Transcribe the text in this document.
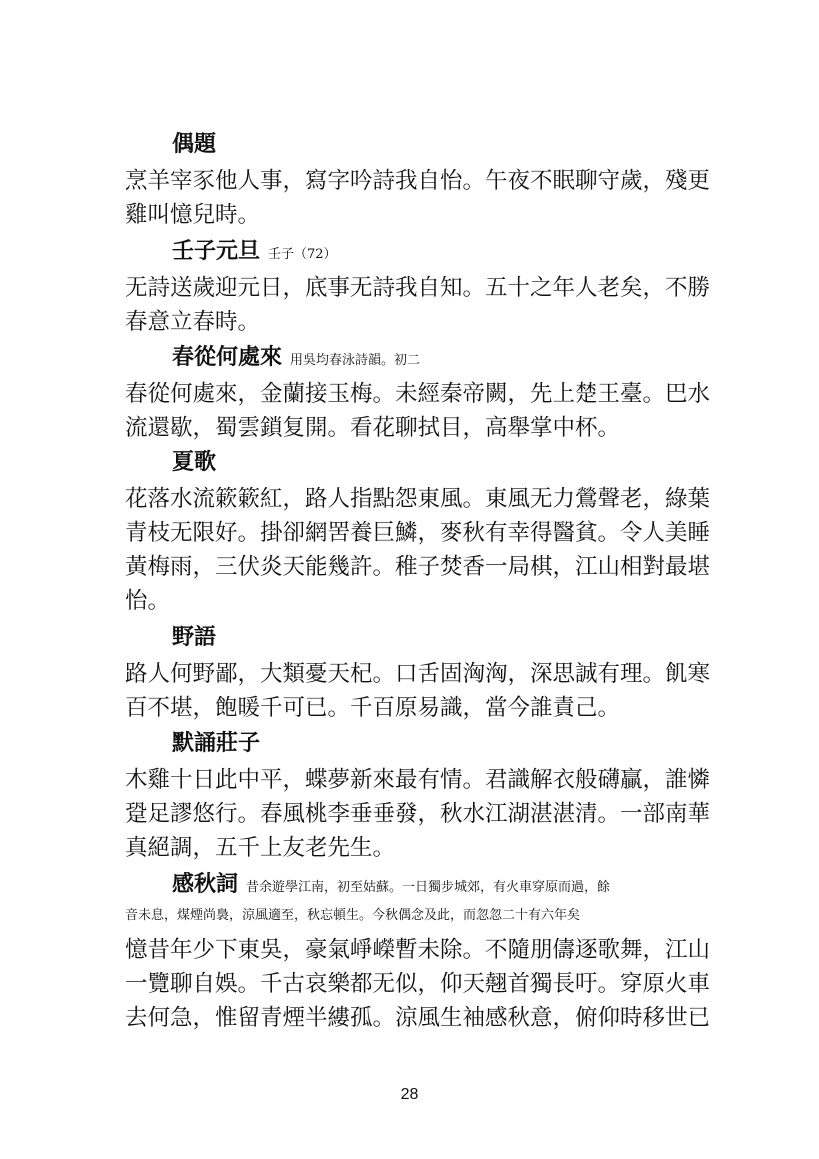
偶題
烹羊宰豕他人事，寫字吟詩我自怡。午夜不眠聊守歲，殘更
雞叫憶兒時。
壬子元旦 壬子（72）
无詩送歲迎元日，底事无詩我自知。五十之年人老矣，不勝
春意立春時。
春從何處來 用吳均春泳詩韻。初二
春從何處來，金蘭接玉梅。未經秦帝闕，先上楚王臺。巴水
流還歇，蜀雲鎖复開。看花聊拭目，高舉掌中杯。
夏歌
花落水流簌簌紅，路人指點怨東風。東風无力鶯聲老，綠葉
青枝无限好。掛卻網罟養巨鱗，麥秋有幸得醫貧。令人美睡
黃梅雨，三伏炎天能幾許。稚子焚香一局棋，江山相對最堪
怡。
野語
路人何野鄙，大類憂天杞。口舌固洶洶，深思誠有理。飢寒
百不堪，飽暖千可已。千百原易識，當今誰責己。
默誦莊子
木雞十日此中平，蝶夢新來最有情。君識解衣般礴贏，誰憐
跫足謬悠行。春風桃李垂垂發，秋水江湖湛湛清。一部南華
真絕調，五千上友老先生。
感秋詞 昔余遊學江南，初至姑蘇。一日獨步城郊，有火車穿原而過，餘
音未息，煤煙尚裊，涼風適至，秋忘頓生。今秋偶念及此，而忽忽二十有六年矣
憶昔年少下東吳，豪氣崢嶸暫未除。不隨朋儔逐歌舞，江山
一覽聊自娛。千古哀樂都无似，仰天翹首獨長吁。穿原火車
去何急，惟留青煙半縷孤。涼風生袖感秋意，俯仰時移世已
28
